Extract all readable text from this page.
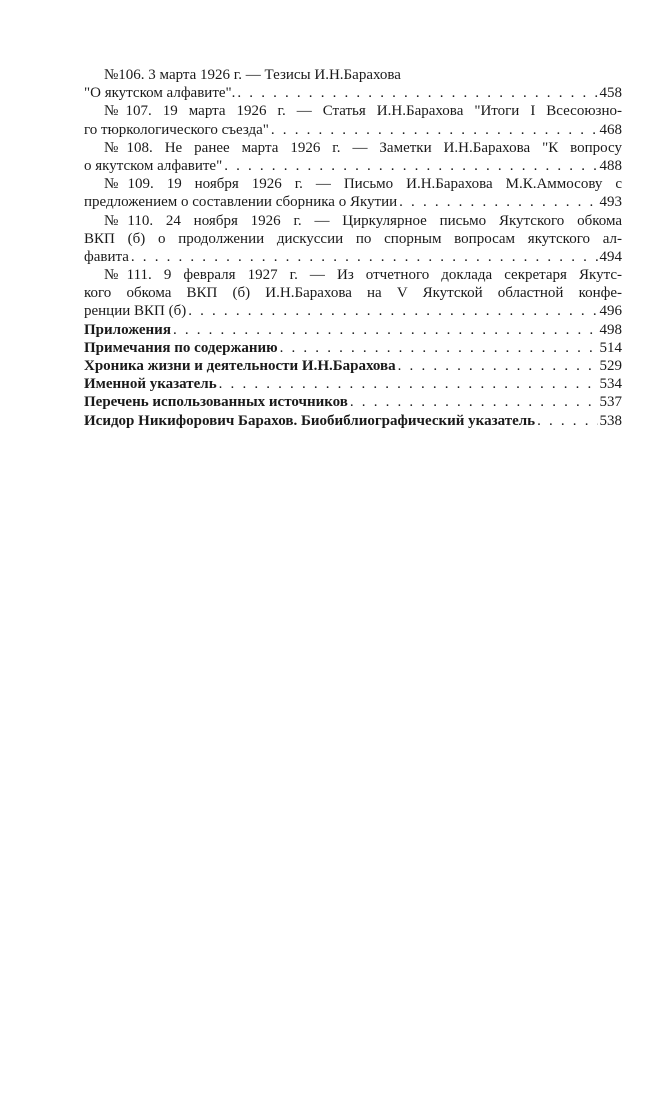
№106. 3 марта 1926 г. — Тезисы И.Н.Барахова
"О якутском алфавите". . . .	458
№107. 19 марта 1926 г. — Статья И.Н.Барахова "Итоги I Всесоюзно-
го тюркологического съезда" . . .	468
№108. Не ранее марта 1926 г. — Заметки И.Н.Барахова "К вопросу
о якутском алфавите" . . .	488
№109. 19 ноября 1926 г. — Письмо И.Н.Барахова М.К.Аммосову с
предложением о составлении сборника о Якутии . . .	493
№110. 24 ноября 1926 г. — Циркулярное письмо Якутского обкома
ВКП (б) о продолжении дискуссии по спорным вопросам якутского ал-
фавита . . .	494
№111. 9 февраля 1927 г. — Из отчетного доклада секретаря Якутс-
кого обкома ВКП (б) И.Н.Барахова на V Якутской областной конфе-
ренции ВКП (б) . . .	496
Приложения . . .	498
Примечания по содержанию . . .	514
Хроника жизни и деятельности И.Н.Барахова . . .	529
Именной указатель . . .	534
Перечень использованных источников . . .	537
Исидор Никифорович Барахов. Биобиблиографический указатель . . .	538
